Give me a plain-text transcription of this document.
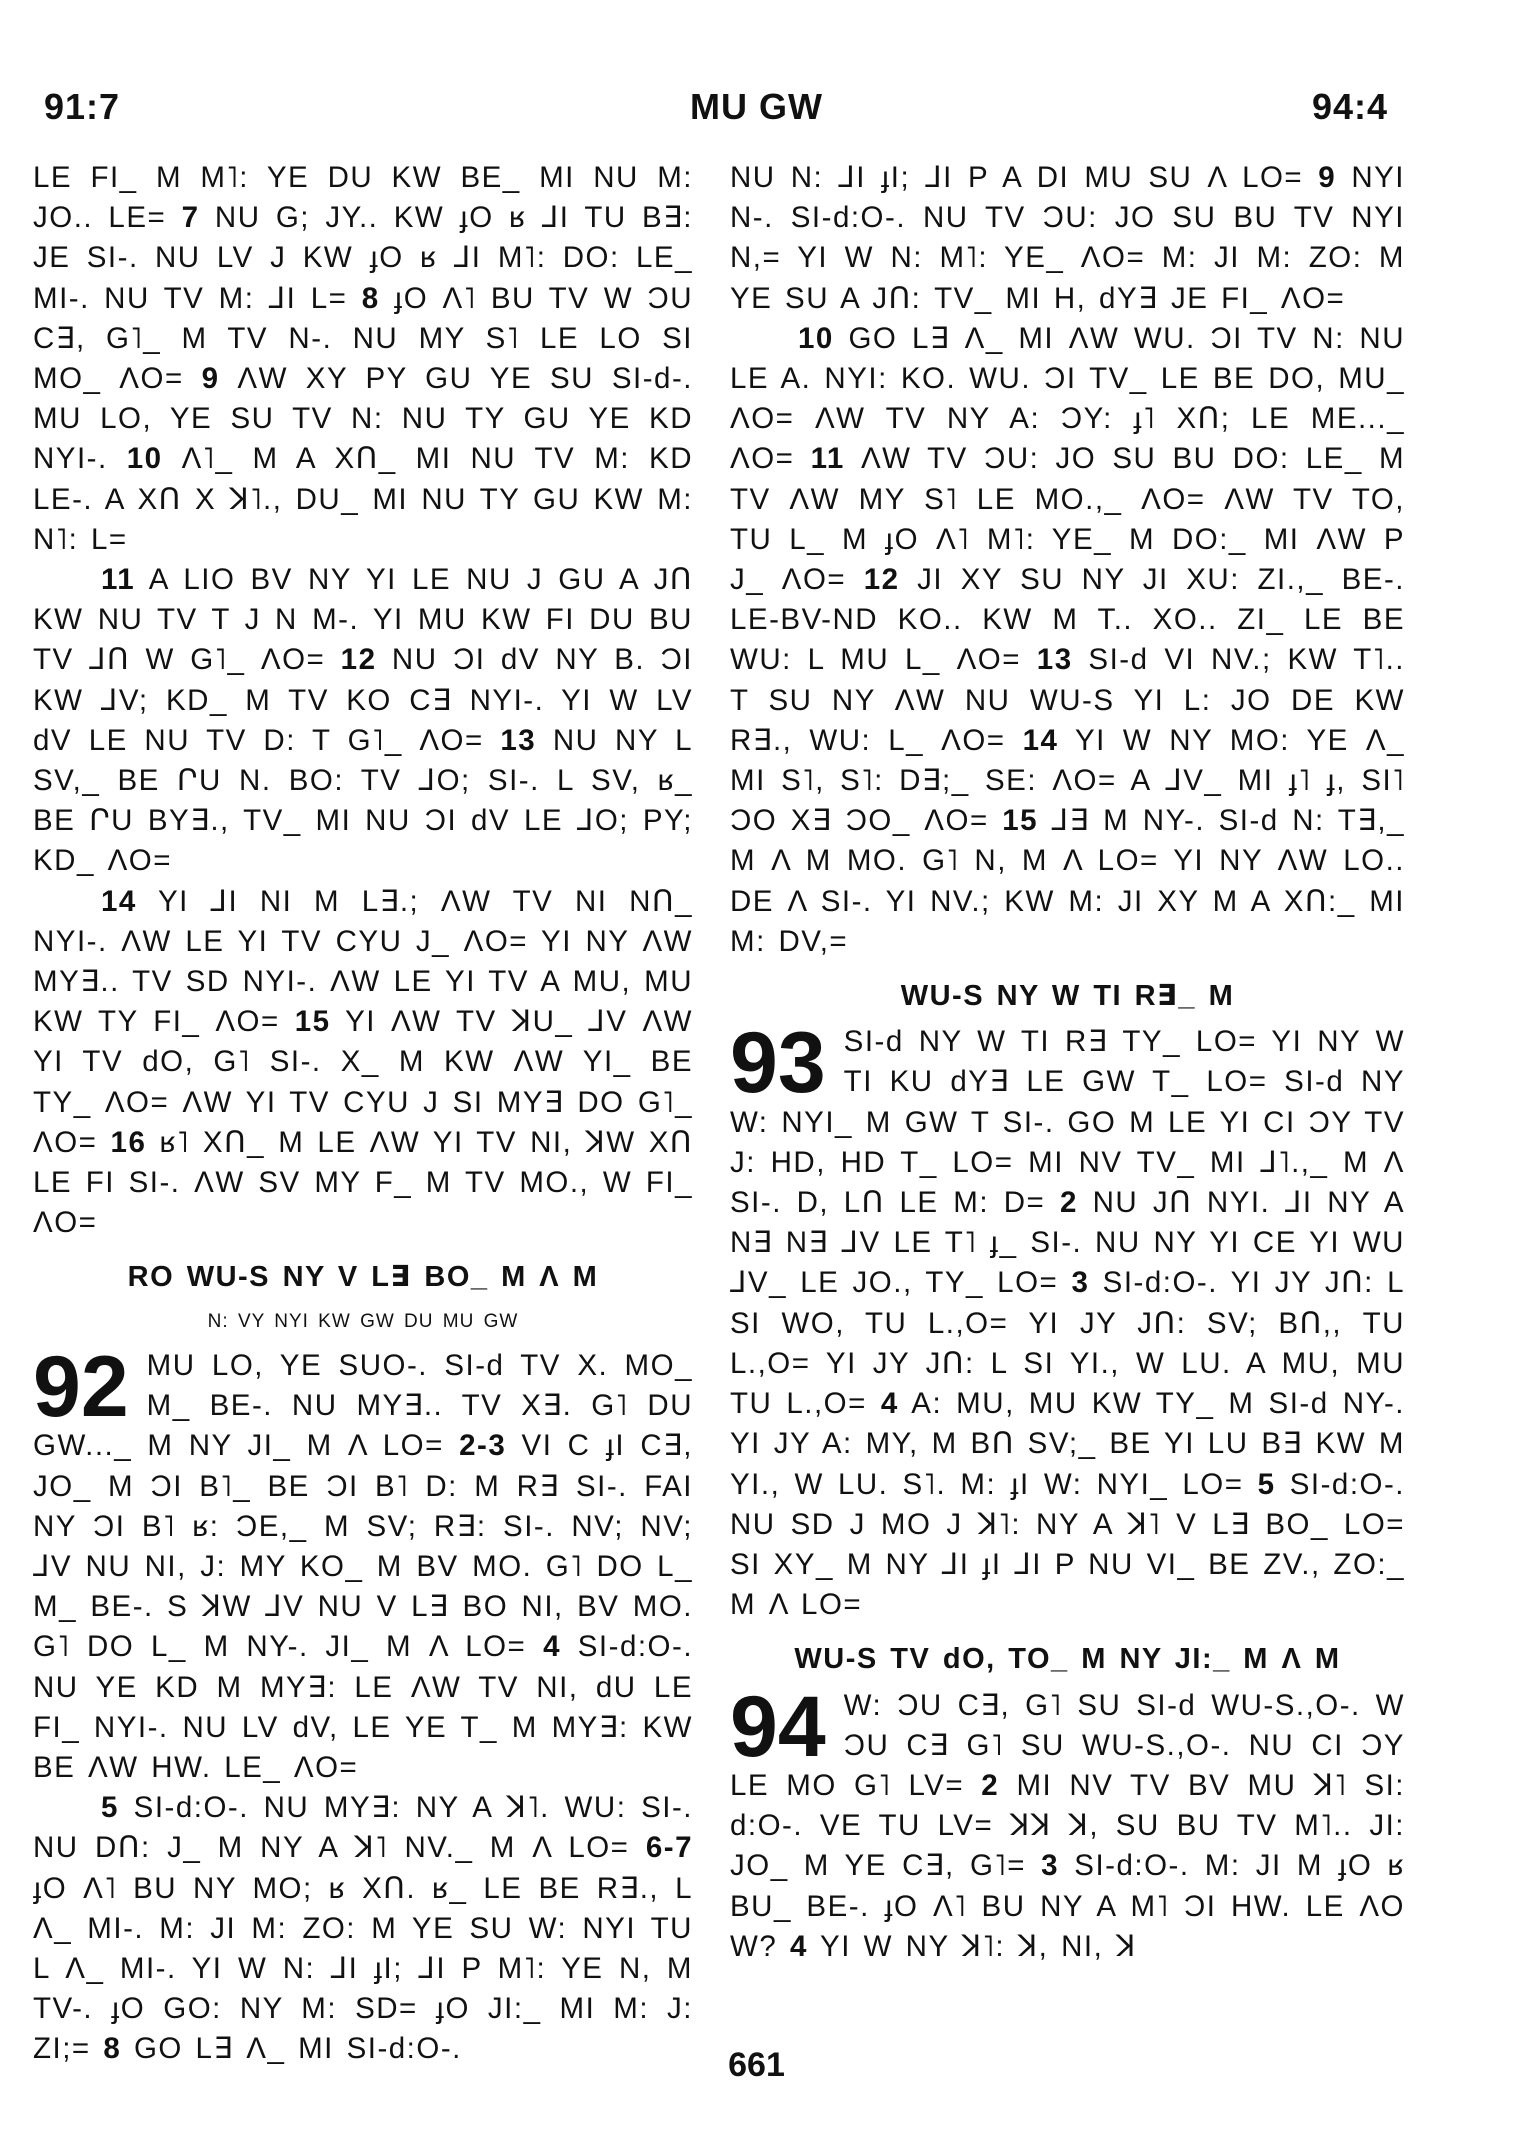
91:7	MU GW	94:4

LE FI_ M M˥: YE DU KW BE_ MI NU M: JO.. LE= 7 NU G; JY.. KW ɟO ʁ ⅃I TU B∃: JE SI-. NU LV J KW ɟO ʁ ⅃I M˥: DO: LE_ MI-. NU TV M: ⅃I L= 8 ɟO Λ˥ BU TV W ƆU C∃, G˥_ M TV N-. NU MY S˥ LE LO SI MO_ ΛO= 9 ΛW XY PY GU YE SU SI-d-. MU LO, YE SU TV N: NU TY GU YE KD NYI-. 10 Λ˥_ M A XՈ_ MI NU TV M: KD LE-. A XՈ X ꓘ˥., DU_ MI NU TY GU KW M: N˥: L=

11 A LIO BV NY YI LE NU J GU A JՈ KW NU TV T J N M-. YI MU KW FI DU BU TV ⅃Ո W G˥_ ΛO= 12 NU ƆI dV NY B. ƆI KW ⅃V; KD_ M TV KO C∃ NYI-. YI W LV dV LE NU TV D: T G˥_ ΛO= 13 NU NY L SV,_ BE ՐU N. BO: TV ⅃O; SI-. L SV, ʁ_ BE ՐU BY∃., TV_ MI NU ƆI dV LE ⅃O; PY; KD_ ΛO=

14 YI ⅃I NI M L∃.; ΛW TV NI NՈ_ NYI-. ΛW LE YI TV CYU J_ ΛO= YI NY ΛW MY∃.. TV SD NYI-. ΛW LE YI TV A MU, MU KW TY FI_ ΛO= 15 YI ΛW TV ꓘU_ ⅃V ΛW YI TV dO, G˥ SI-. X_ M KW ΛW YI_ BE TY_ ΛO= ΛW YI TV CYU J SI MY∃ DO G˥_ ΛO= 16 ʁ˥ XՈ_ M LE ΛW YI TV NI, ꓘW XՈ LE FI SI-. ΛW SV MY F_ M TV MO., W FI_ ΛO=

RO WU-S NY V L∃ BO_ M Λ M
N: VY NYI KW GW DU MU GW

92 MU LO, YE SUO-. SI-d TV X. MO_ M_ BE-. NU MY∃.. TV X∃. G˥ DU GW..._ M NY JI_ M Λ LO= 2-3 VI C ɟI C∃, JO_ M ƆI B˥_ BE ƆI B˥ D: M R∃ SI-. FAI NY ƆI B˥ ʁ: ƆE,_ M SV; R∃: SI-. NV; NV; ⅃V NU NI, J: MY KO_ M BV MO. G˥ DO L_ M_ BE-. S ꓘW ⅃V NU V L∃ BO NI, BV MO. G˥ DO L_ M NY-. JI_ M Λ LO= 4 SI-d:O-. NU YE KD M MY∃: LE ΛW TV NI, dU LE FI_ NYI-. NU LV dV, LE YE T_ M MY∃: KW BE ΛW HW. LE_ ΛO=

5 SI-d:O-. NU MY∃: NY A ꓘ˥. WU: SI-. NU DՈ: J_ M NY A ꓘ˥ NV._ M Λ LO= 6-7 ɟO Λ˥ BU NY MO; ʁ XՈ. ʁ_ LE BE R∃., L Λ_ MI-. M: JI M: ZO: M YE SU W: NYI TU L Λ_ MI-. YI W N: ⅃I ɟI; ⅃I P M˥: YE N, M TV-. ɟO GO: NY M: SD= ɟO JI:_ MI M: J: ZI;= 8 GO L∃ Λ_ MI SI-d:O-.

NU N: ⅃I ɟI; ⅃I P A DI MU SU Λ LO= 9 NYI N-. SI-d:O-. NU TV ƆU: JO SU BU TV NYI N,= YI W N: M˥: YE_ ΛO= M: JI M: ZO: M YE SU A JՈ: TV_ MI H, dY∃ JE FI_ ΛO=

10 GO L∃ Λ_ MI ΛW WU. ƆI TV N: NU LE A. NYI: KO. WU. ƆI TV_ LE BE DO, MU_ ΛO= ΛW TV NY A: ƆY: ɟ˥ XՈ; LE ME..._ ΛO= 11 ΛW TV ƆU: JO SU BU DO: LE_ M TV ΛW MY S˥ LE MO.,_ ΛO= ΛW TV TO, TU L_ M ɟO Λ˥ M˥: YE_ M DO:_ MI ΛW P J_ ΛO= 12 JI XY SU NY JI XU: ZI.,_ BE-. LE-BV-ND KO.. KW M T.. XO.. ZI_ LE BE WU: L MU L_ ΛO= 13 SI-d VI NV.; KW T˥.. T SU NY ΛW NU WU-S YI L: JO DE KW R∃., WU: L_ ΛO= 14 YI W NY MO: YE Λ_ MI S˥, S˥: D∃;_ SE: ΛO= A ⅃V_ MI ɟ˥ ɟ, SI˥ ƆO X∃ ƆO_ ΛO= 15 ⅃∃ M NY-. SI-d N: T∃,_ M Λ M MO. G˥ N, M Λ LO= YI NY ΛW LO.. DE Λ SI-. YI NV.; KW M: JI XY M A XՈ:_ MI M: DV,=

WU-S NY W TI R∃_ M

93 SI-d NY W TI R∃ TY_ LO= YI NY W TI KU dY∃ LE GW T_ LO= SI-d NY W: NYI_ M GW T SI-. GO M LE YI CI ƆY TV J: HD, HD T_ LO= MI NV TV_ MI ⅃˥.,_ M Λ SI-. D, LՈ LE M: D= 2 NU JՈ NYI. ⅃I NY A N∃ N∃ ⅃V LE T˥ ɟ_ SI-. NU NY YI CE YI WU ⅃V_ LE JO., TY_ LO= 3 SI-d:O-. YI JY JՈ: L SI WO, TU L.,O= YI JY JՈ: SV; BՈ,, TU L.,O= YI JY JՈ: L SI YI., W LU. A MU, MU TU L.,O= 4 A: MU, MU KW TY_ M SI-d NY-. YI JY A: MY, M BՈ SV;_ BE YI LU B∃ KW M YI., W LU. S˥. M: ɟI W: NYI_ LO= 5 SI-d:O-. NU SD J MO J ꓘ˥: NY A ꓘ˥ V L∃ BO_ LO= SI XY_ M NY ⅃I ɟI ⅃I P NU VI_ BE ZV., ZO:_ M Λ LO=

WU-S TV dO, TO_ M NY JI:_ M Λ M

94 W: ƆU C∃, G˥ SU SI-d WU-S.,O-. W ƆU C∃ G˥ SU WU-S.,O-. NU CI ƆY LE MO G˥ LV= 2 MI NV TV BV MU ꓘ˥ SI: d:O-. VE TU LV= ꓘꓘ ꓘ, SU BU TV M˥.. JI: JO_ M YE C∃, G˥= 3 SI-d:O-. M: JI M ɟO ʁ BU_ BE-. ɟO Λ˥ BU NY A M˥ ƆI HW. LE ΛO W? 4 YI W NY ꓘ˥: ꓘ, NI, ꓘ

661
